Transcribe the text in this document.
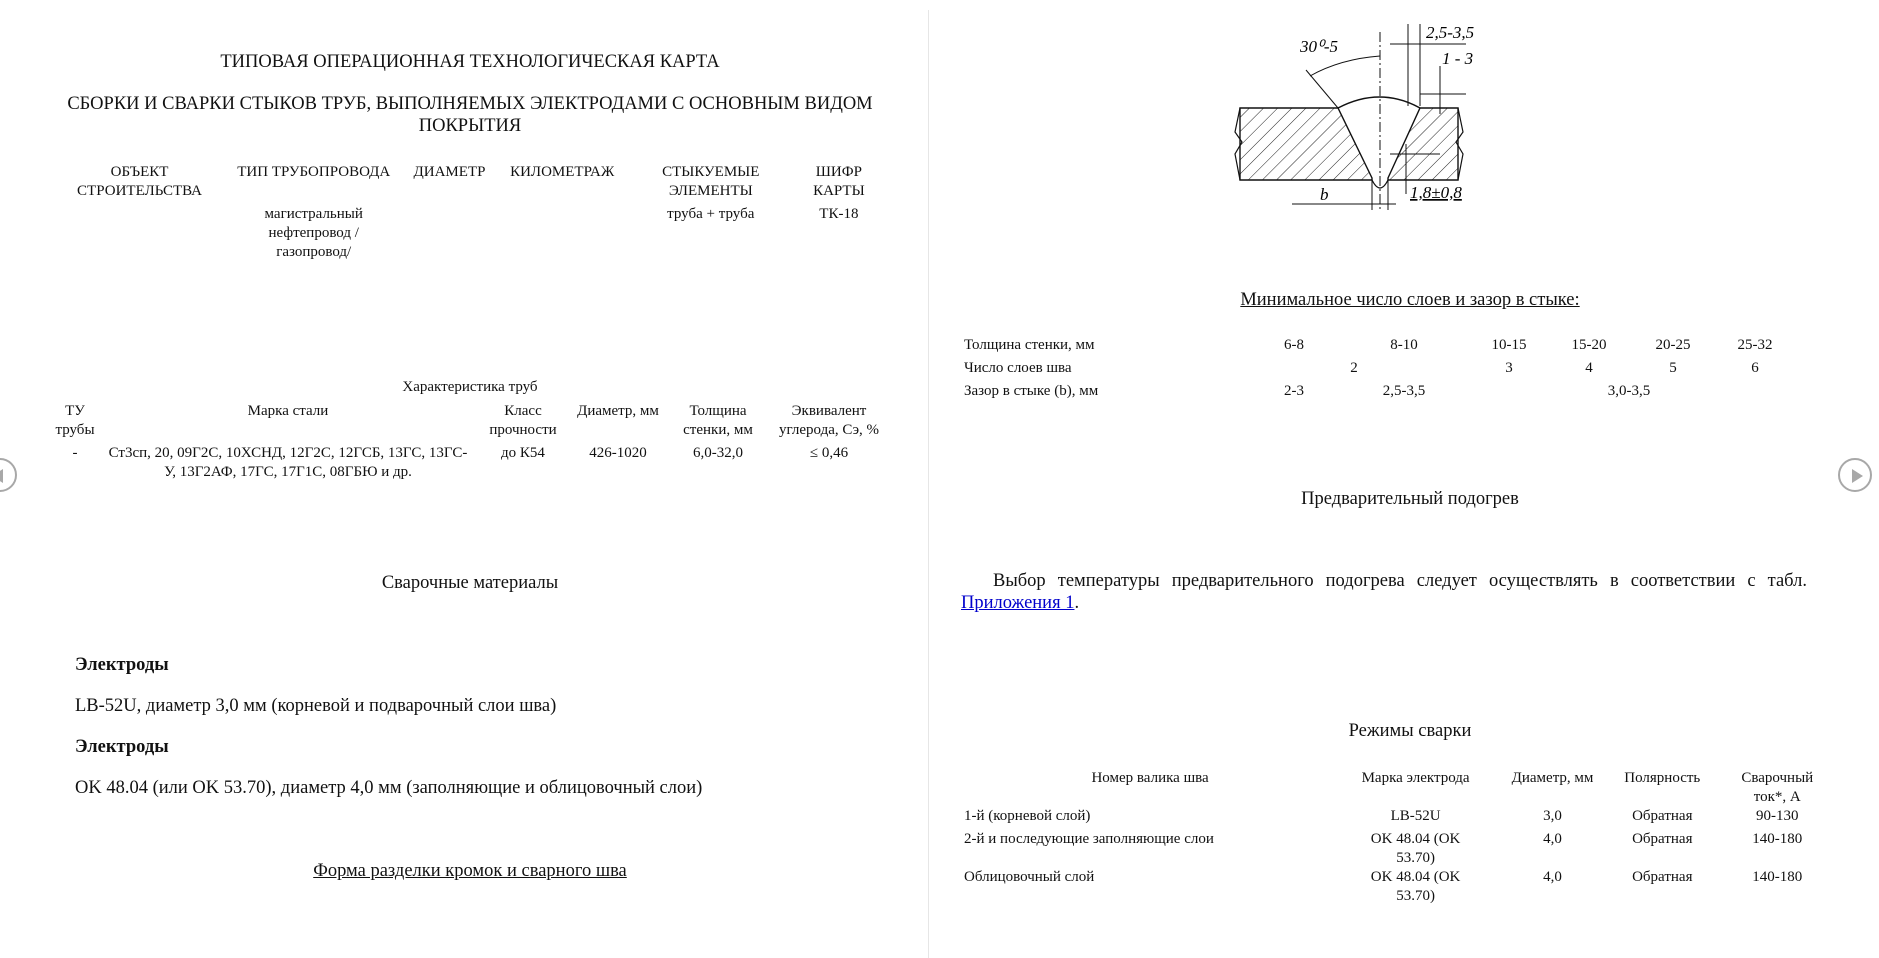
ТИПОВАЯ ОПЕРАЦИОННАЯ ТЕХНОЛОГИЧЕСКАЯ КАРТА
СБОРКИ И СВАРКИ СТЫКОВ ТРУБ, ВЫПОЛНЯЕМЫХ ЭЛЕКТРОДАМИ С ОСНОВНЫМ ВИДОМ ПОКРЫТИЯ
ОБЪЕКТ СТРОИТЕЛЬСТВА	ТИП ТРУБОПРОВОДА	ДИАМЕТР	КИЛОМЕТРАЖ	СТЫКУЕМЫЕ ЭЛЕМЕНТЫ	ШИФР КАРТЫ
	магистральный нефтепровод /газопровод/			труба + труба	ТК-18
Характеристика труб
ТУ трубы	Марка стали	Класс прочности	Диаметр, мм	Толщина стенки, мм	Эквивалент углерода, Сэ, %
-	Ст3сп, 20, 09Г2С, 10ХСНД, 12Г2С, 12ГСБ, 13ГС, 13ГС-У, 13Г2АФ, 17ГС, 17Г1С, 08ГБЮ и др.	до К54	426-1020	6,0-32,0	≤ 0,46
Сварочные материалы
Электроды
LB-52U, диаметр 3,0 мм (корневой и подварочный слои шва)
Электроды
OK 48.04 (или OK 53.70), диаметр 4,0 мм (заполняющие и облицовочный слои)
Форма разделки кромок и сварного шва
30⁰-5
2,5-3,5
1 - 3
1,8±0,8
b
Минимальное число слоев и зазор в стыке:
Толщина стенки, мм	6-8	8-10	10-15	15-20	20-25	25-32
Число слоев шва	2	3	4	5	6
Зазор в стыке (b), мм	2-3	2,5-3,5	3,0-3,5
Предварительный подогрев
Выбор температуры предварительного подогрева следует осуществлять в соответствии с табл. Приложения 1.
Режимы сварки
Номер валика шва	Марка электрода	Диаметр, мм	Полярность	Сварочный ток*, А
1-й (корневой слой)	LB-52U	3,0	Обратная	90-130
2-й и последующие заполняющие слои	OK 48.04 (OK 53.70)	4,0	Обратная	140-180
Облицовочный слой	OK 48.04 (OK 53.70)	4,0	Обратная	140-180
